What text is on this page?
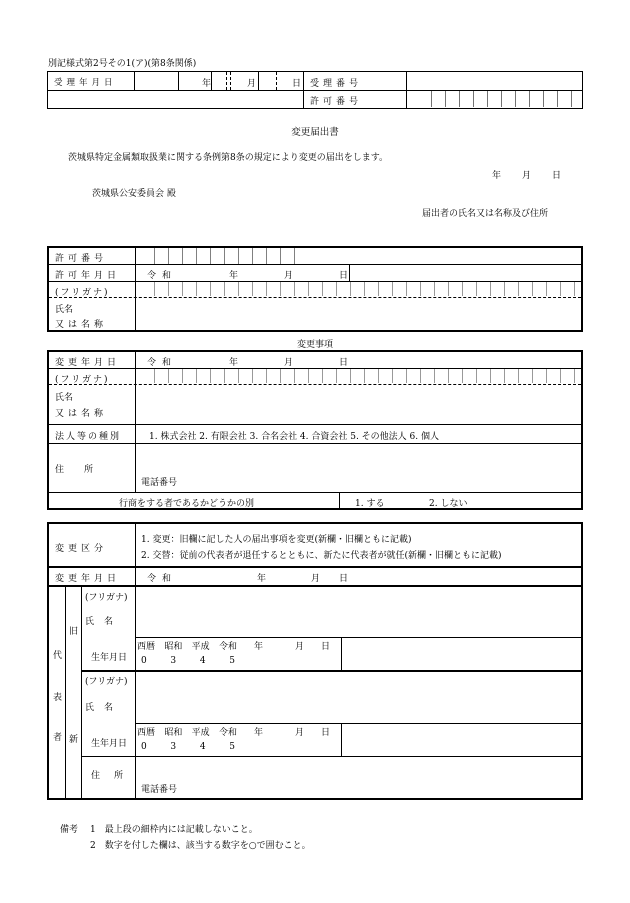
別記様式第2号その1(ア)(第8条関係)
受理年月日	年	月	日 受理番号
許可番号
変更届出書
茨城県特定金属類取扱業に関する条例第8条の規定により変更の届出をします。
年 月 日
茨城県公安委員会 殿
届出者の氏名又は名称及び住所
許可番号
許可年月日	令和	年	月	日
(フリガナ)
氏名
又は名称
変更事項
変更年月日	令和	年	月	日
(フリガナ)
氏名
又は名称
法人等の種別	1. 株式会社 2. 有限会社 3. 合名会社 4. 合資会社 5. その他法人 6. 個人
住所
電話番号
行商をする者であるかどうかの別	1. する	2. しない
変更区分
1. 変更：旧欄に記した人の届出事項を変更(新欄・旧欄ともに記載)
2. 交替：従前の代表者が退任するとともに、新たに代表者が就任(新欄・旧欄ともに記載)
変更年月日	令和	年	月 日
代
表
者
旧
新
(フリガナ)
氏名
生年月日
西暦 昭和 平成 令和
0	3	4	5
年	月 日
(フリガナ)
氏名
生年月日
西暦 昭和 平成 令和
0	3	4	5
年	月 日
住所
電話番号
備考 1　最上段の細枠内には記載しないこと。
2　数字を付した欄は、該当する数字を○で囲むこと。
